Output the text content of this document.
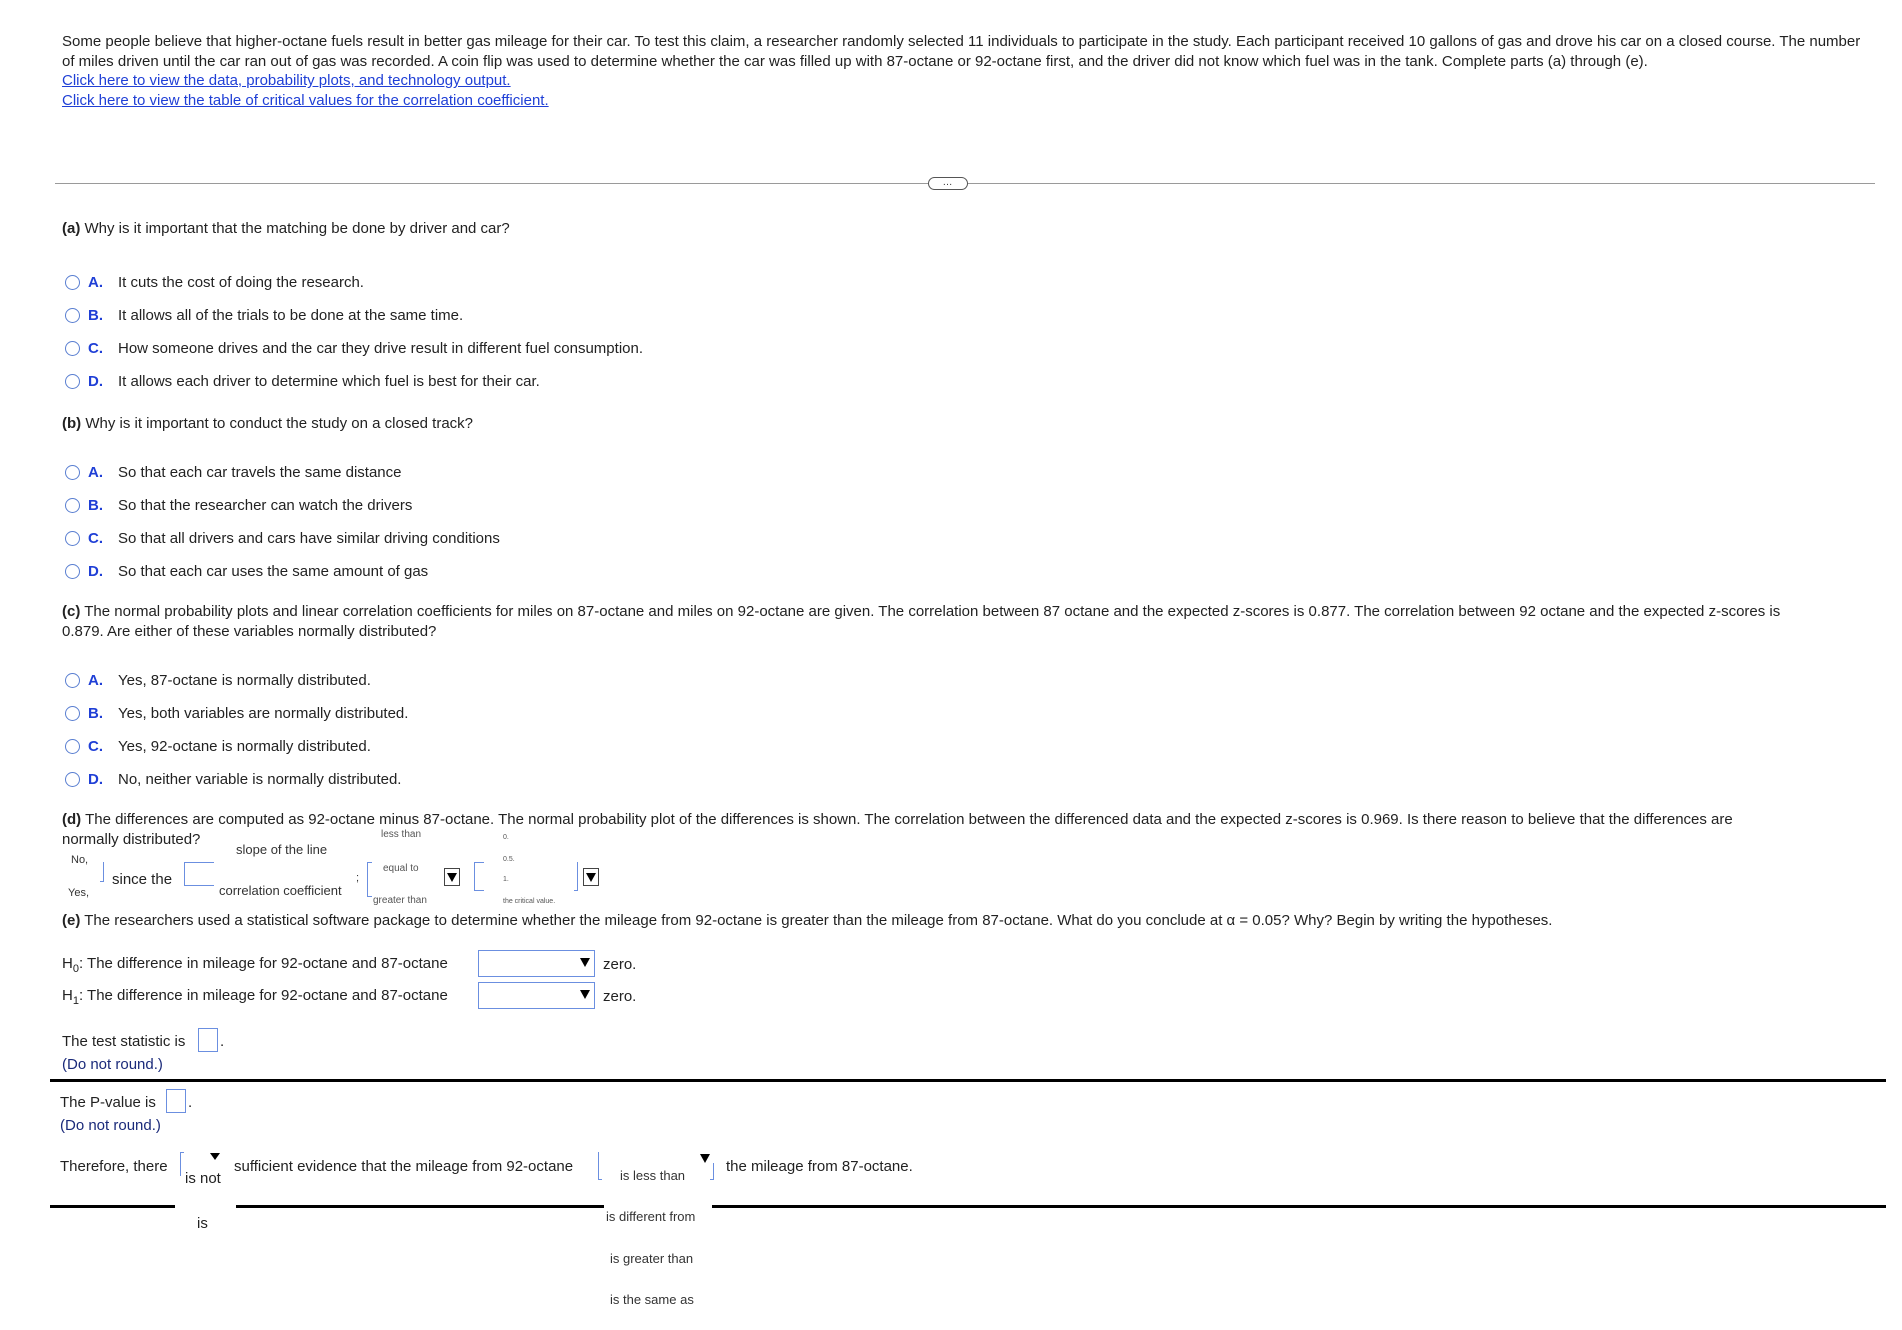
Some people believe that higher-octane fuels result in better gas mileage for their car. To test this claim, a researcher randomly selected 11 individuals to participate in the study. Each participant received 10 gallons of gas and drove his car on a closed course. The number of miles driven until the car ran out of gas was recorded. A coin flip was used to determine whether the car was filled up with 87-octane or 92-octane first, and the driver did not know which fuel was in the tank. Complete parts (a) through (e).
Click here to view the data, probability plots, and technology output.
Click here to view the table of critical values for the correlation coefficient.
…
(a) Why is it important that the matching be done by driver and car?
A.	It cuts the cost of doing the research.
B.	It allows all of the trials to be done at the same time.
C.	How someone drives and the car they drive result in different fuel consumption.
D.	It allows each driver to determine which fuel is best for their car.
(b) Why is it important to conduct the study on a closed track?
A.	So that each car travels the same distance
B.	So that the researcher can watch the drivers
C.	So that all drivers and cars have similar driving conditions
D.	So that each car uses the same amount of gas
(c) The normal probability plots and linear correlation coefficients for miles on 87-octane and miles on 92-octane are given. The correlation between 87 octane and the expected z-scores is 0.877. The correlation between 92 octane and the expected z-scores is
0.879. Are either of these variables normally distributed?
A.	Yes, 87-octane is normally distributed.
B.	Yes, both variables are normally distributed.
C.	Yes, 92-octane is normally distributed.
D.	No, neither variable is normally distributed.
(d) The differences are computed as 92-octane minus 87-octane. The normal probability plot of the differences is shown. The correlation between the differenced data and the expected z-scores is 0.969. Is there reason to believe that the differences are
normally distributed?
No,
Yes,
since the
slope of the line
correlation coefficient
;
less than
equal to
greater than
0.
0.5.
1.
the critical value.
(e) The researchers used a statistical software package to determine whether the mileage from 92-octane is greater than the mileage from 87-octane. What do you conclude at α = 0.05? Why? Begin by writing the hypotheses.
$H_0$: The difference in mileage for 92-octane and 87-octane	zero.
$H_1$: The difference in mileage for 92-octane and 87-octane	zero.
The test statistic is .
(Do not round.)
The P-value is .
(Do not round.)
Therefore, there
is not
is
sufficient evidence that the mileage from 92-octane
is less than
is different from
is greater than
is the same as
the mileage from 87-octane.
